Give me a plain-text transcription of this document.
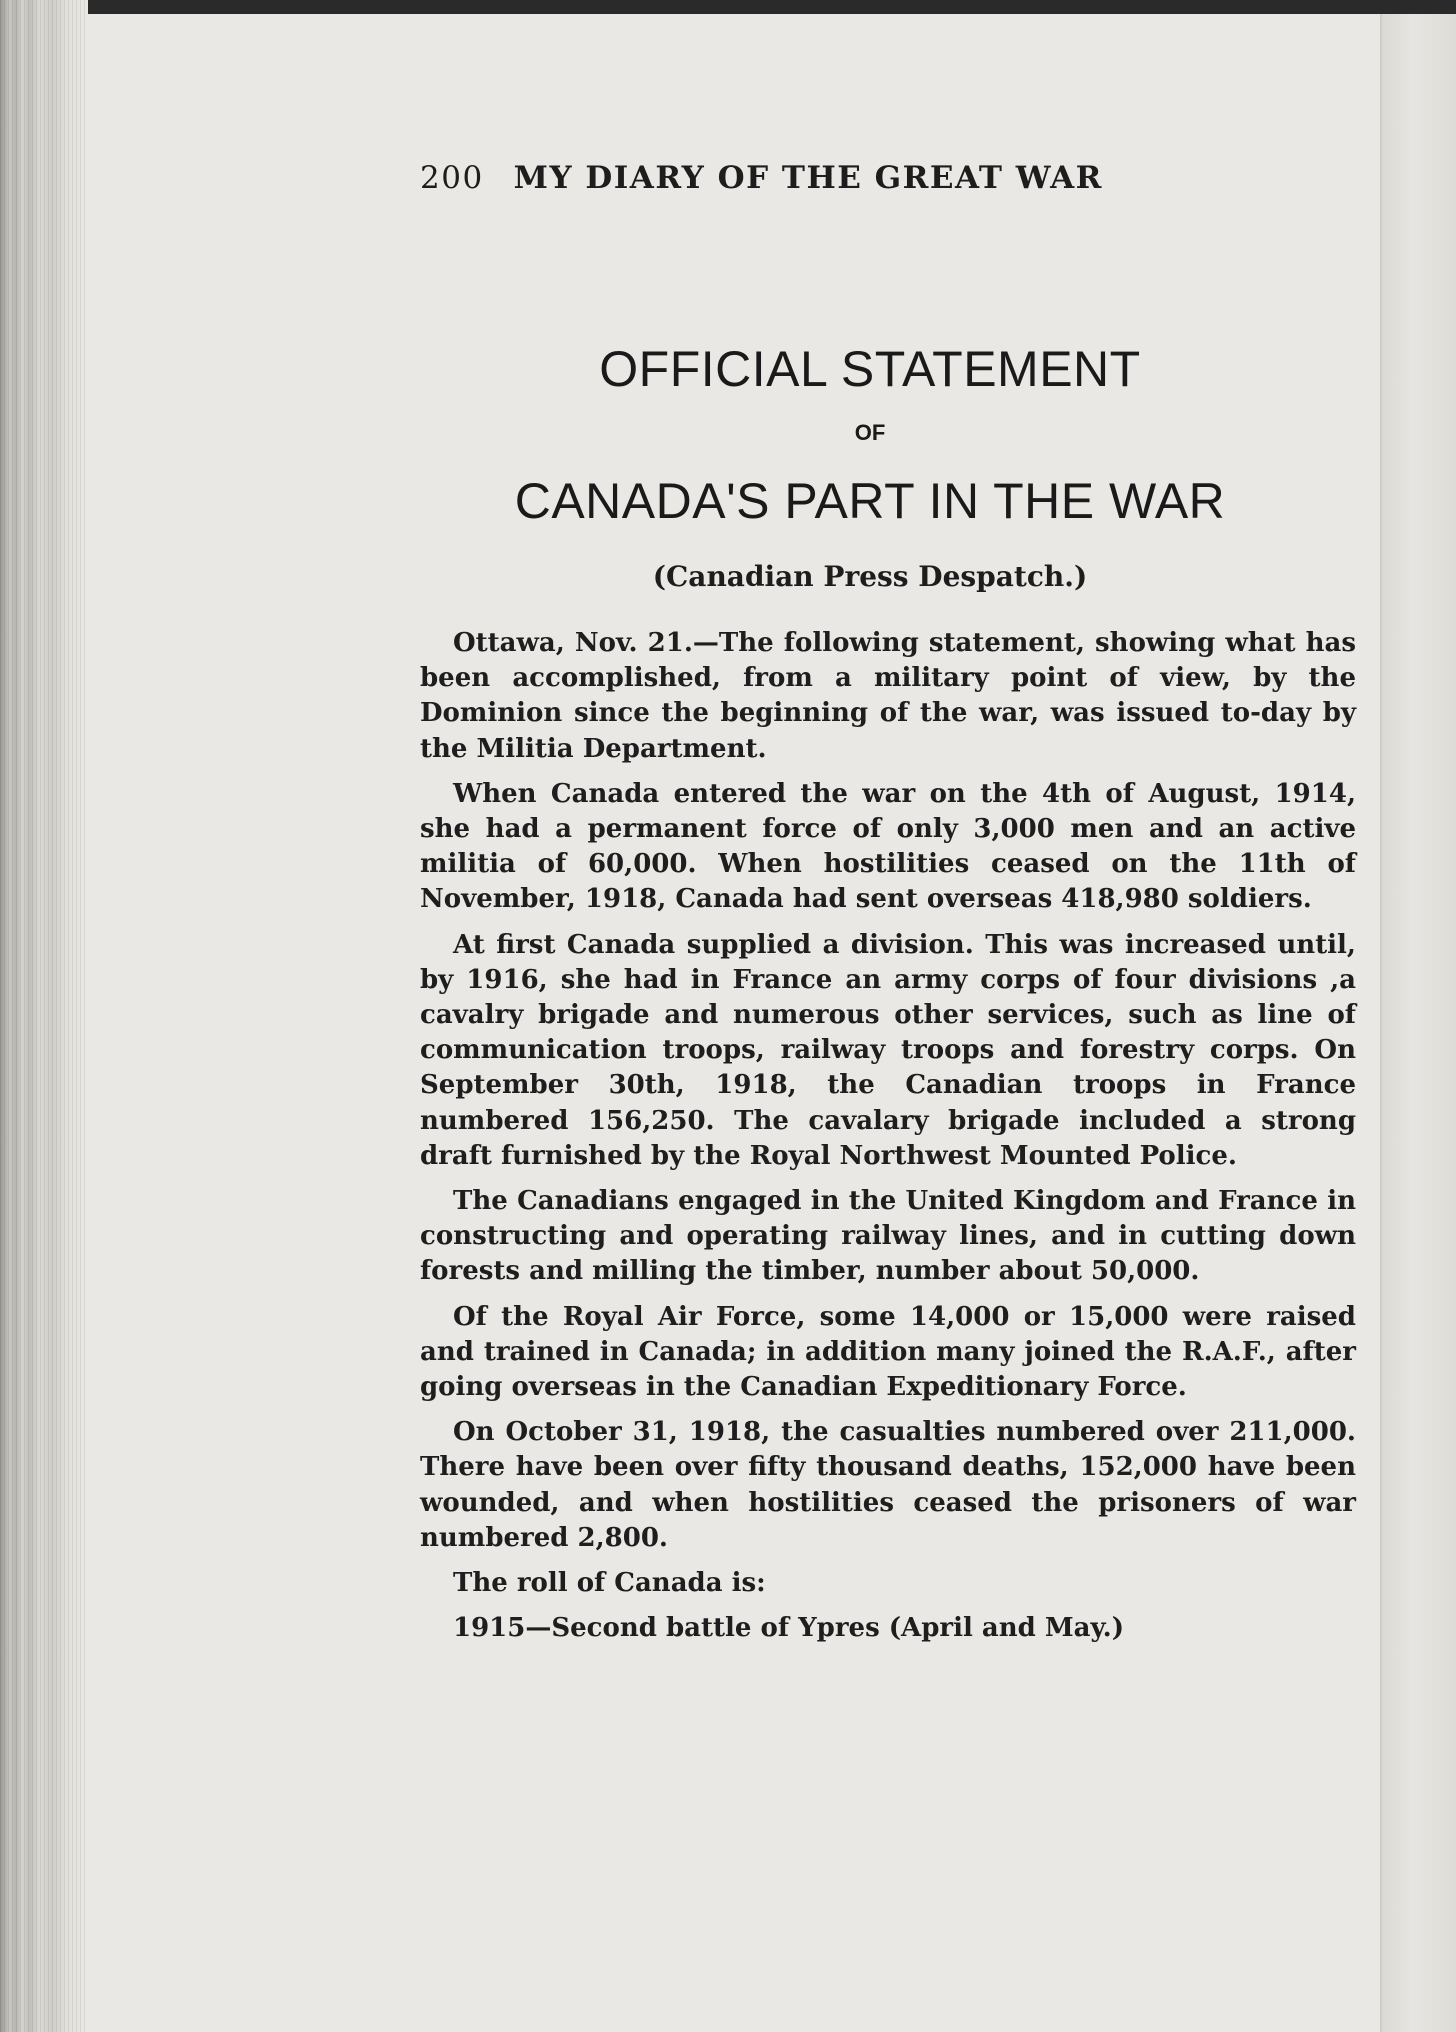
200 MY DIARY OF THE GREAT WAR
OFFICIAL STATEMENT
OF
CANADA'S PART IN THE WAR
(Canadian Press Despatch.)

Ottawa, Nov. 21.—The following statement, showing what has been accomplished, from a military point of view, by the Dominion since the beginning of the war, was issued to-day by the Militia Department.

When Canada entered the war on the 4th of August, 1914, she had a permanent force of only 3,000 men and an active militia of 60,000. When hostilities ceased on the 11th of November, 1918, Canada had sent overseas 418,980 soldiers.

At first Canada supplied a division. This was increased until, by 1916, she had in France an army corps of four divisions ,a cavalry brigade and numerous other services, such as line of communication troops, railway troops and forestry corps. On September 30th, 1918, the Canadian troops in France numbered 156,250. The cavalary brigade included a strong draft furnished by the Royal Northwest Mounted Police.

The Canadians engaged in the United Kingdom and France in constructing and operating railway lines, and in cutting down forests and milling the timber, number about 50,000.

Of the Royal Air Force, some 14,000 or 15,000 were raised and trained in Canada; in addition many joined the R.A.F., after going overseas in the Canadian Expeditionary Force.

On October 31, 1918, the casualties numbered over 211,000. There have been over fifty thousand deaths, 152,000 have been wounded, and when hostilities ceased the prisoners of war numbered 2,800.

The roll of Canada is:

1915—Second battle of Ypres (April and May.)
